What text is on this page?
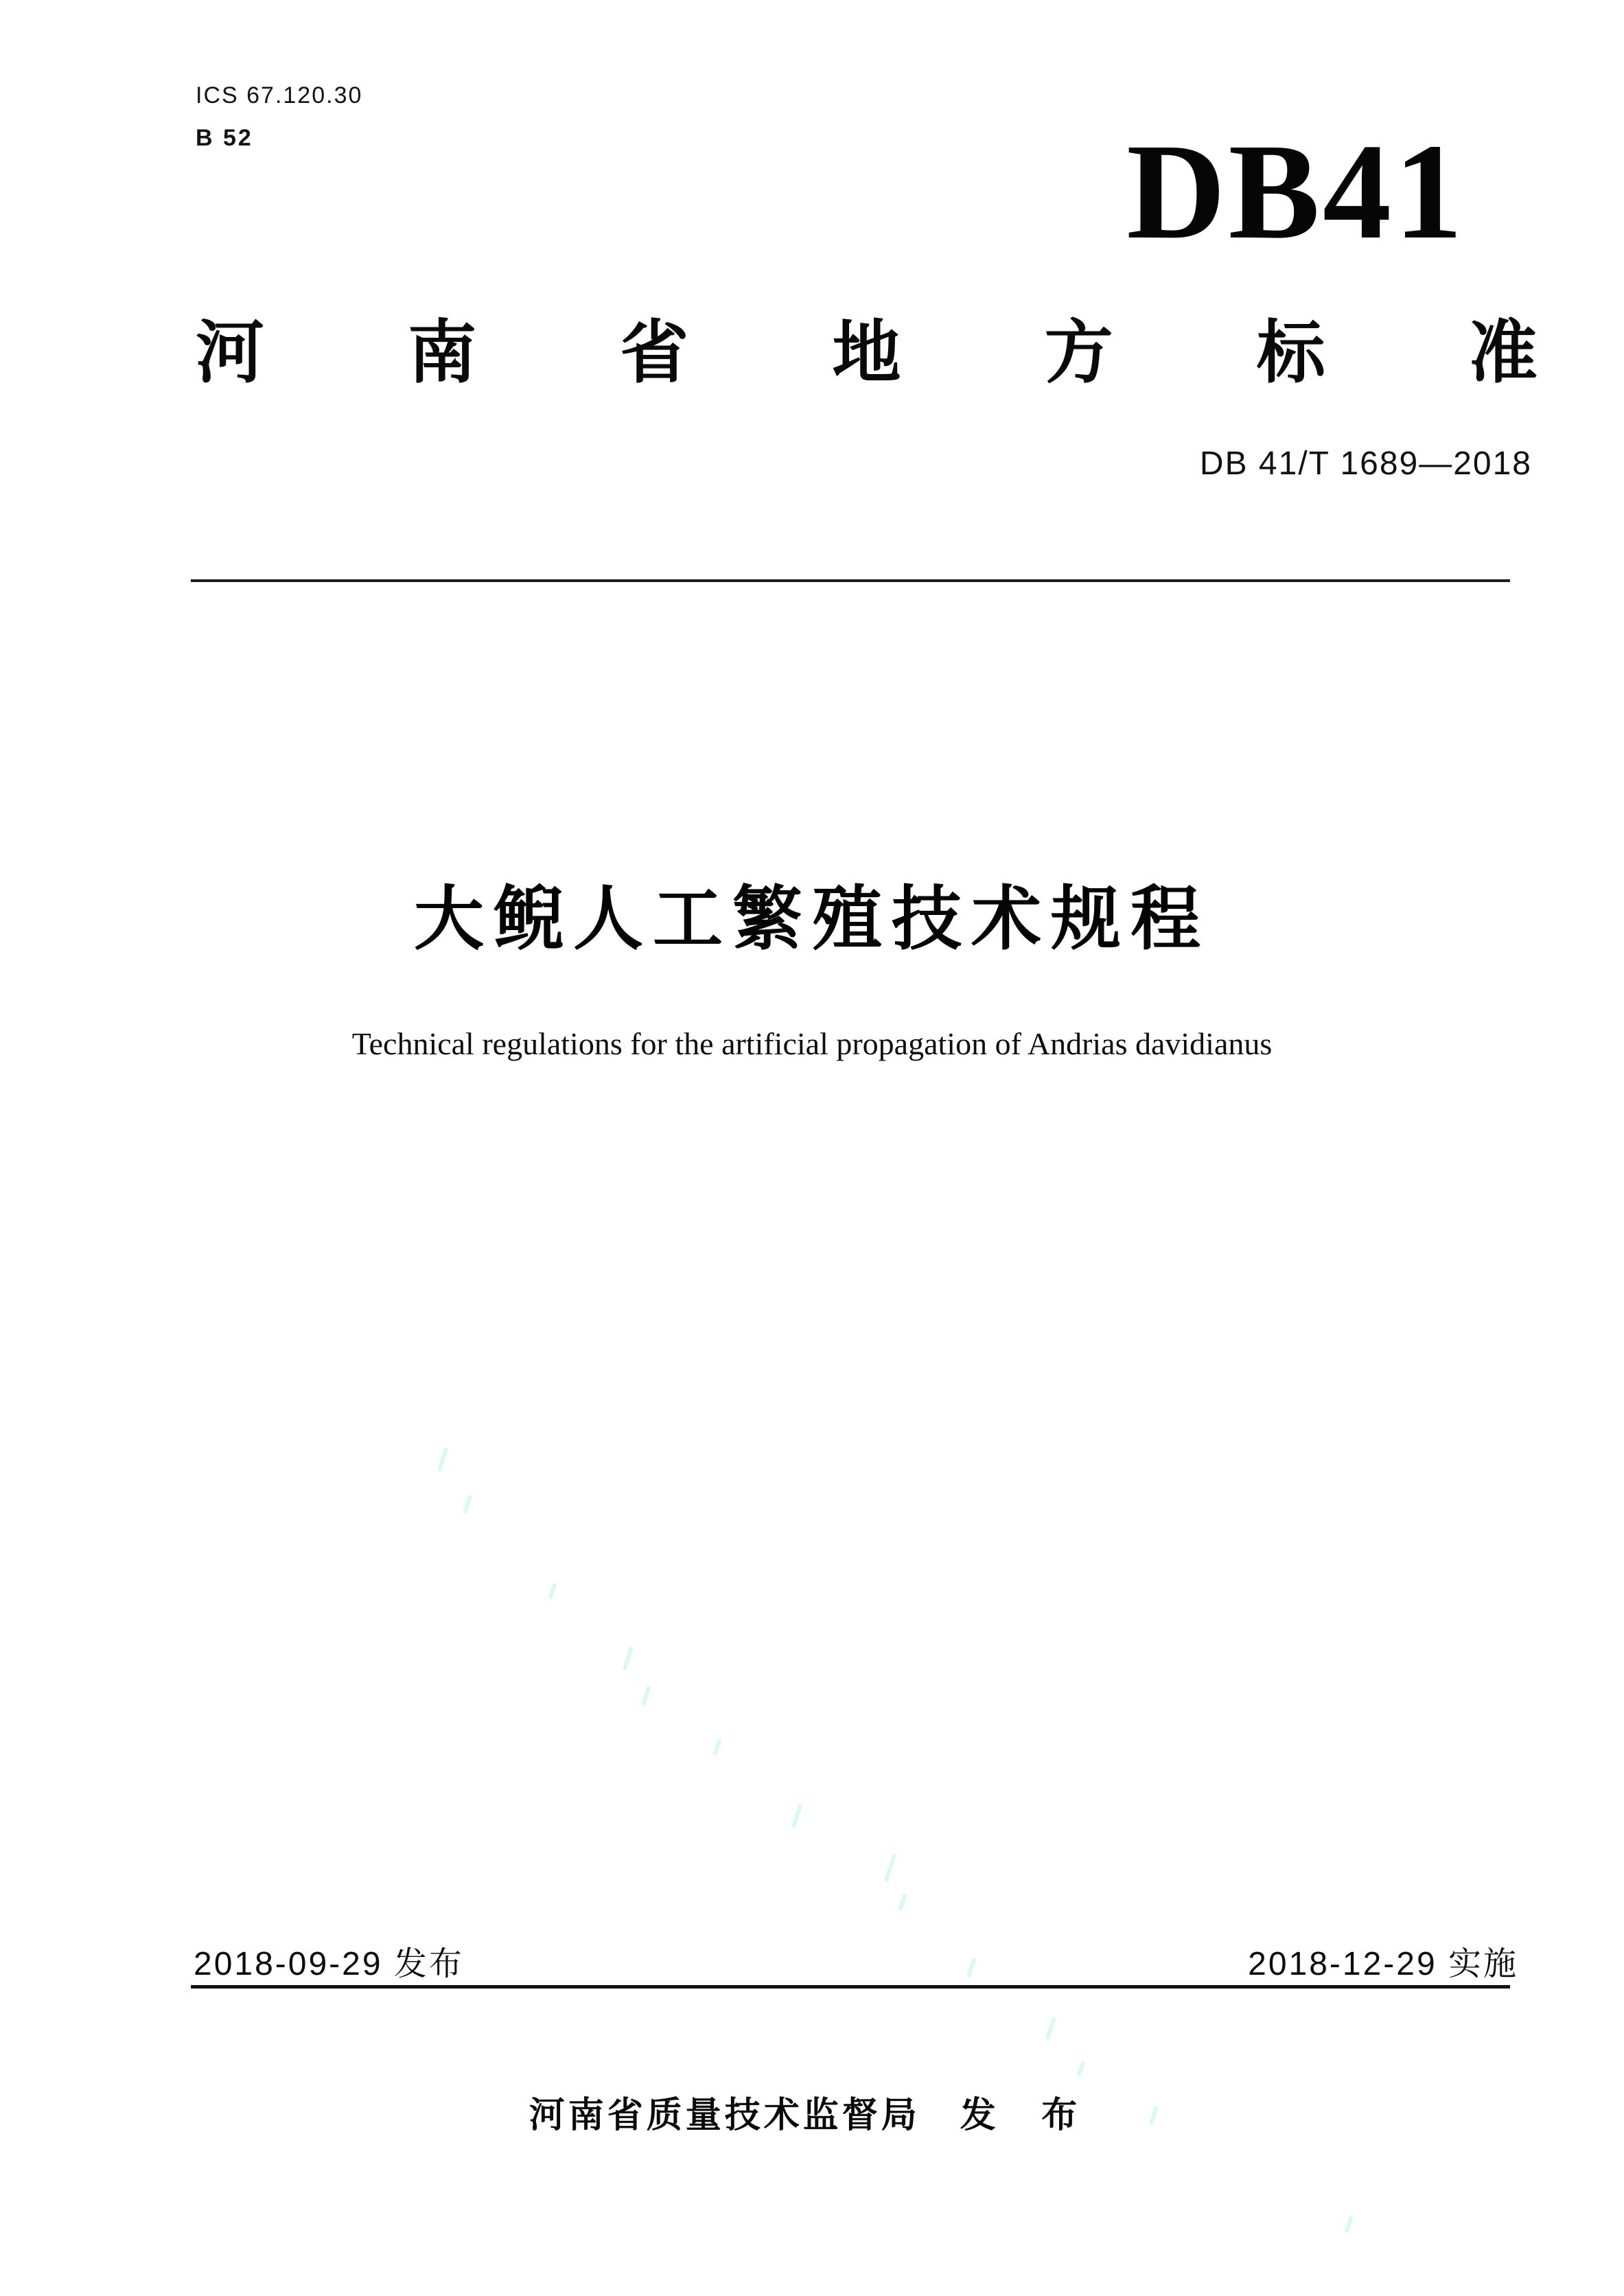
ICS 67.120.30
B 52	DB41
河 南 省 地 方 标 准
DB 41/T 1689—2018
大鲵人工繁殖技术规程
Technical regulations for the artificial propagation of Andrias davidianus
2018-09-29 发布	2018-12-29 实施
河南省质量技术监督局 发 布
